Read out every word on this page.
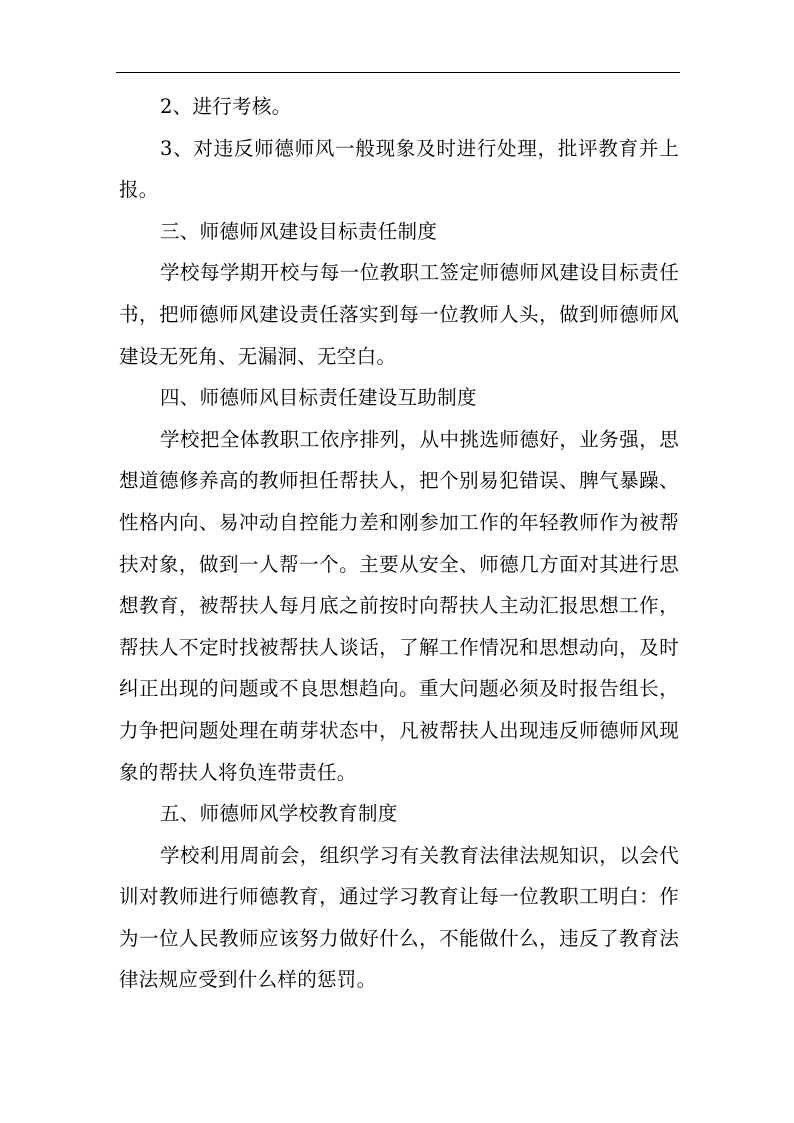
2、进行考核。

3、对违反师德师风一般现象及时进行处理，批评教育并上报。

三、师德师风建设目标责任制度

学校每学期开校与每一位教职工签定师德师风建设目标责任书，把师德师风建设责任落实到每一位教师人头，做到师德师风建设无死角、无漏洞、无空白。

四、师德师风目标责任建设互助制度

学校把全体教职工依序排列，从中挑选师德好，业务强，思想道德修养高的教师担任帮扶人，把个别易犯错误、脾气暴躁、性格内向、易冲动自控能力差和刚参加工作的年轻教师作为被帮扶对象，做到一人帮一个。主要从安全、师德几方面对其进行思想教育，被帮扶人每月底之前按时向帮扶人主动汇报思想工作，帮扶人不定时找被帮扶人谈话，了解工作情况和思想动向，及时纠正出现的问题或不良思想趋向。重大问题必须及时报告组长，力争把问题处理在萌芽状态中，凡被帮扶人出现违反师德师风现象的帮扶人将负连带责任。

五、师德师风学校教育制度

学校利用周前会，组织学习有关教育法律法规知识，以会代训对教师进行师德教育，通过学习教育让每一位教职工明白：作为一位人民教师应该努力做好什么，不能做什么，违反了教育法律法规应受到什么样的惩罚。
